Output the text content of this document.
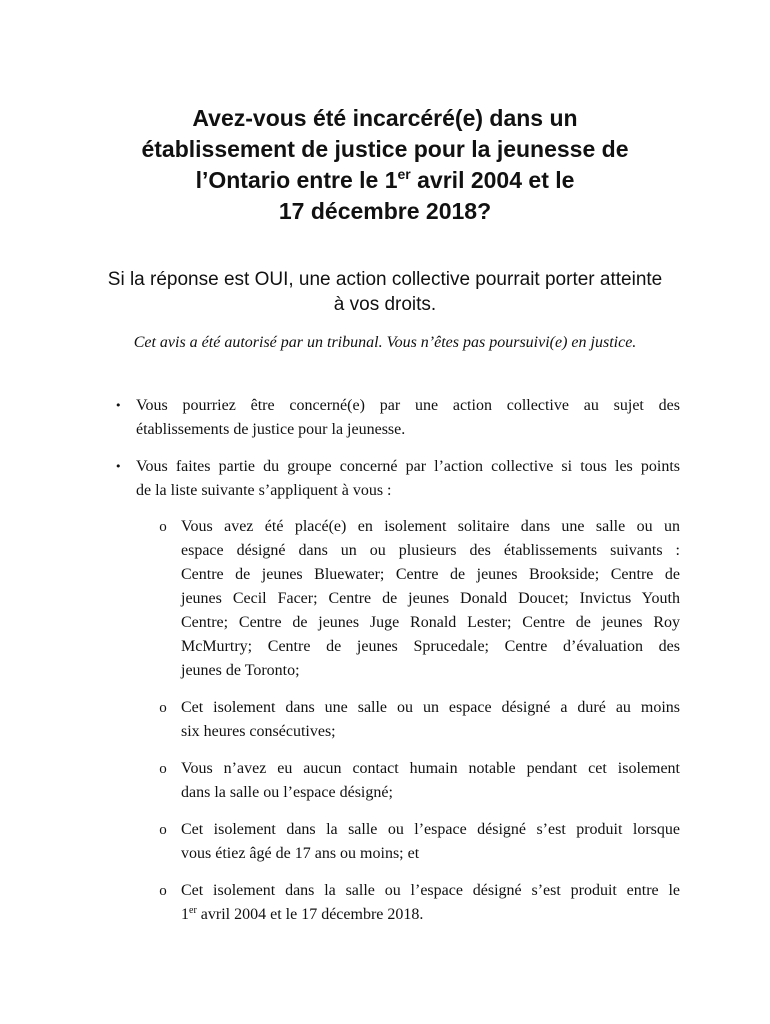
Avez-vous été incarcéré(e) dans un
établissement de justice pour la jeunesse de
l’Ontario entre le 1er avril 2004 et le
17 décembre 2018?

Si la réponse est OUI, une action collective pourrait porter atteinte
à vos droits.

Cet avis a été autorisé par un tribunal. Vous n’êtes pas poursuivi(e) en justice.

• Vous pourriez être concerné(e) par une action collective au sujet des
établissements de justice pour la jeunesse.
• Vous faites partie du groupe concerné par l’action collective si tous les points
de la liste suivante s’appliquent à vous :
o Vous avez été placé(e) en isolement solitaire dans une salle ou un
espace désigné dans un ou plusieurs des établissements suivants :
Centre de jeunes Bluewater; Centre de jeunes Brookside; Centre de
jeunes Cecil Facer; Centre de jeunes Donald Doucet; Invictus Youth
Centre; Centre de jeunes Juge Ronald Lester; Centre de jeunes Roy
McMurtry; Centre de jeunes Sprucedale; Centre d’évaluation des
jeunes de Toronto;
o Cet isolement dans une salle ou un espace désigné a duré au moins
six heures consécutives;
o Vous n’avez eu aucun contact humain notable pendant cet isolement
dans la salle ou l’espace désigné;
o Cet isolement dans la salle ou l’espace désigné s’est produit lorsque
vous étiez âgé de 17 ans ou moins; et
o Cet isolement dans la salle ou l’espace désigné s’est produit entre le
1er avril 2004 et le 17 décembre 2018.
